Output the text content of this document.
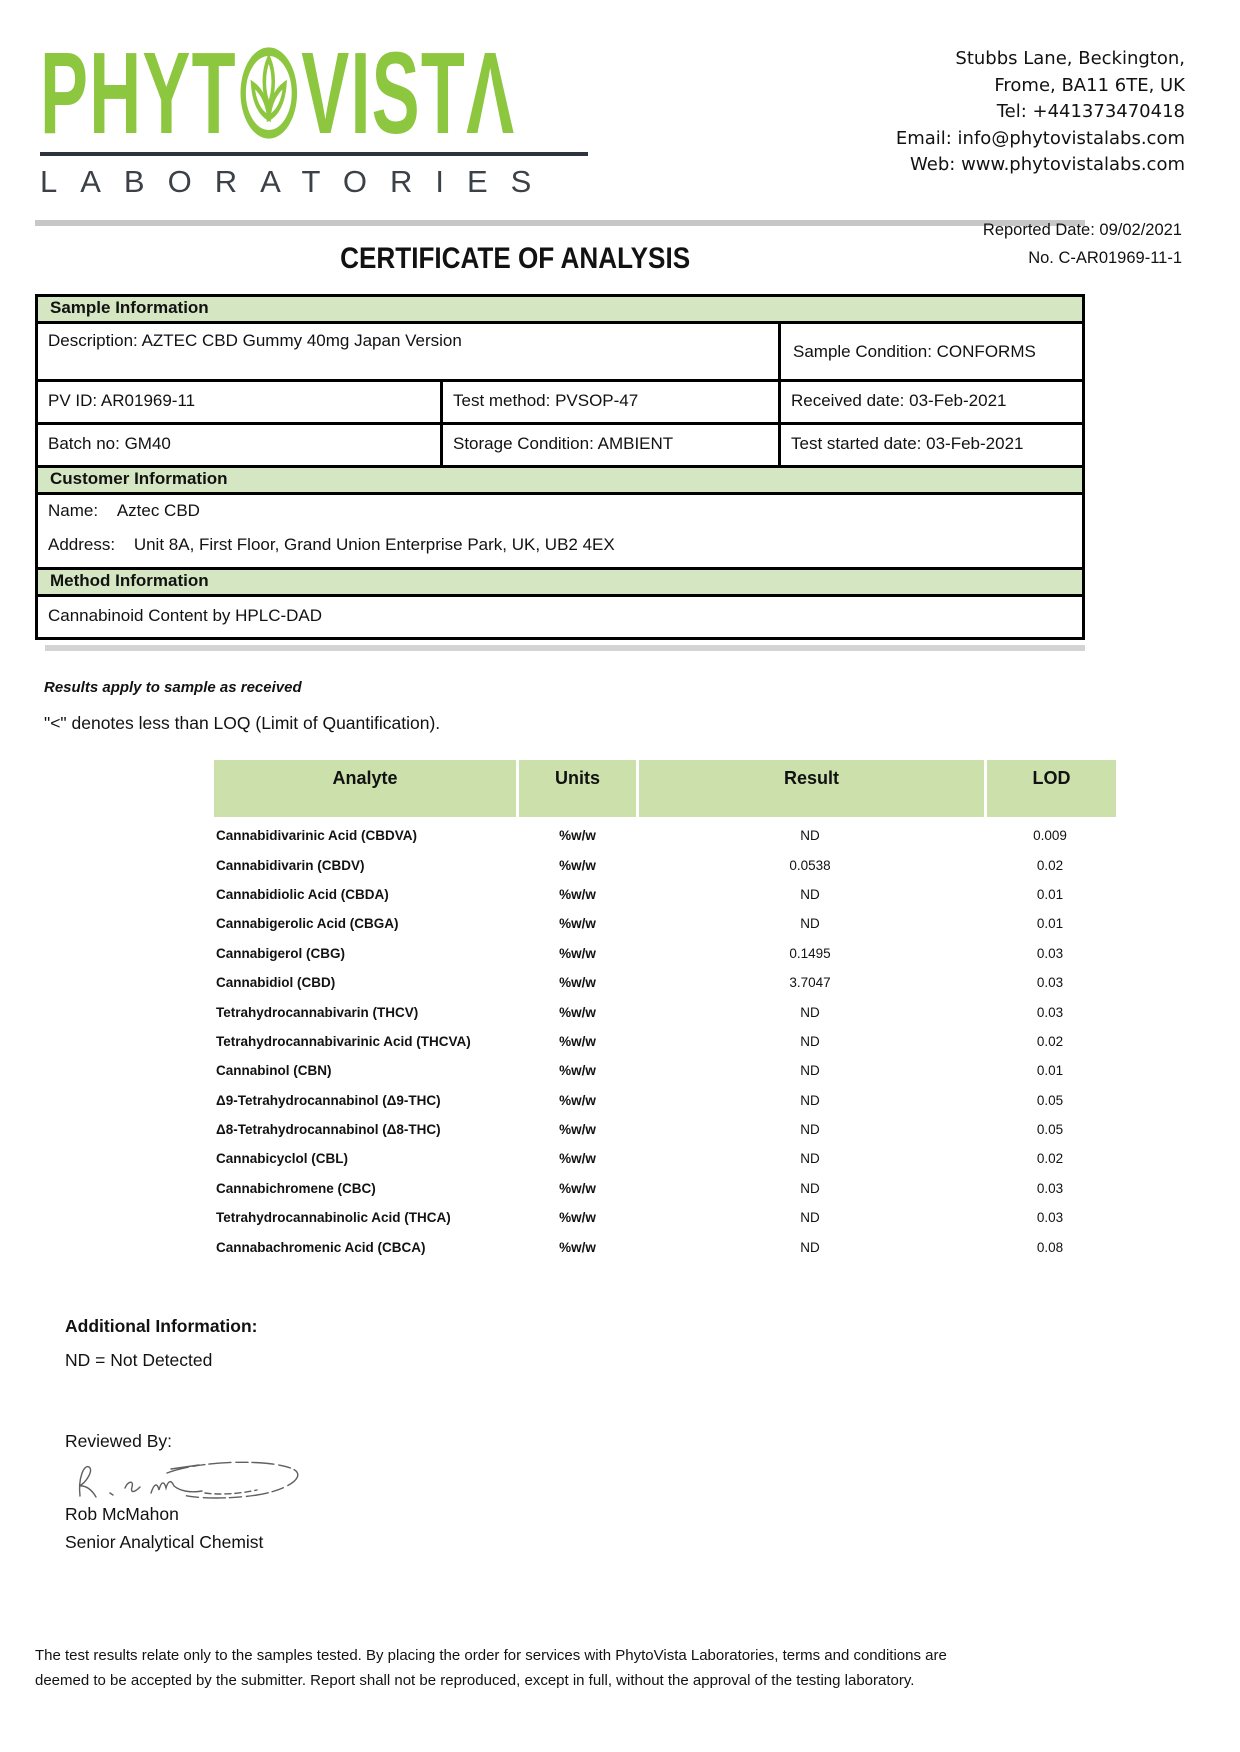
PHYT VIST Λ
LABORATORIES
Stubbs Lane, Beckington,
Frome, BA11 6TE, UK
Tel: +441373470418
Email: info@phytovistalabs.com
Web: www.phytovistalabs.com
Reported Date: 09/02/2021
No. C-AR01969-11-1
CERTIFICATE OF ANALYSIS
Sample Information
Description: AZTEC CBD Gummy 40mg Japan Version
Sample Condition: CONFORMS
PV ID: AR01969-11	Test method: PVSOP-47	Received date: 03-Feb-2021
Batch no: GM40	Storage Condition: AMBIENT	Test started date: 03-Feb-2021
Customer Information
Name: Aztec CBD
Address: Unit 8A, First Floor, Grand Union Enterprise Park, UK, UB2 4EX
Method Information
Cannabinoid Content by HPLC-DAD
Results apply to sample as received
"<" denotes less than LOQ (Limit of Quantification).
Analyte	Units	Result	LOD
Cannabidivarinic Acid (CBDVA)	%w/w	ND	0.009
Cannabidivarin (CBDV)	%w/w	0.0538	0.02
Cannabidiolic Acid (CBDA)	%w/w	ND	0.01
Cannabigerolic Acid (CBGA)	%w/w	ND	0.01
Cannabigerol (CBG)	%w/w	0.1495	0.03
Cannabidiol (CBD)	%w/w	3.7047	0.03
Tetrahydrocannabivarin (THCV)	%w/w	ND	0.03
Tetrahydrocannabivarinic Acid (THCVA)	%w/w	ND	0.02
Cannabinol (CBN)	%w/w	ND	0.01
Δ9-Tetrahydrocannabinol (Δ9-THC)	%w/w	ND	0.05
Δ8-Tetrahydrocannabinol (Δ8-THC)	%w/w	ND	0.05
Cannabicyclol (CBL)	%w/w	ND	0.02
Cannabichromene (CBC)	%w/w	ND	0.03
Tetrahydrocannabinolic Acid (THCA)	%w/w	ND	0.03
Cannabachromenic Acid (CBCA)	%w/w	ND	0.08
Additional Information:
ND = Not Detected
Reviewed By:
Rob McMahon
Senior Analytical Chemist
The test results relate only to the samples tested. By placing the order for services with PhytoVista Laboratories, terms and conditions are
deemed to be accepted by the submitter. Report shall not be reproduced, except in full, without the approval of the testing laboratory.
